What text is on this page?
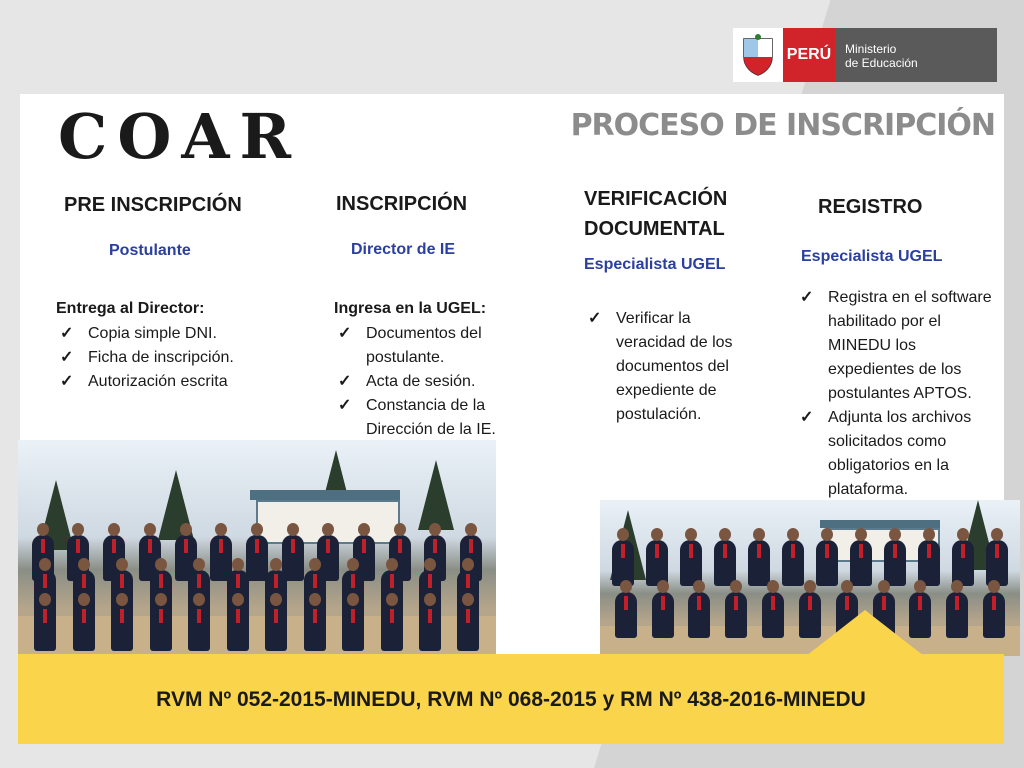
PERÚ	Ministerio
de Educación
COAR	PROCESO DE INSCRIPCIÓN
PRE INSCRIPCIÓN
Postulante
Entrega al Director:
✓ Copia simple DNI.
✓ Ficha de inscripción.
✓ Autorización escrita
INSCRIPCIÓN
Director de IE
Ingresa en la UGEL:
✓ Documentos del postulante.
✓ Acta de sesión.
✓ Constancia de la Dirección de la IE.
VERIFICACIÓN
DOCUMENTAL
Especialista UGEL
✓ Verificar la veracidad de los documentos del expediente de postulación.
REGISTRO
Especialista UGEL
✓ Registra en el software habilitado por el MINEDU los expedientes de los postulantes APTOS.
✓ Adjunta los archivos solicitados como obligatorios en la plataforma.
RVM Nº 052-2015-MINEDU, RVM Nº 068-2015 y RM Nº 438-2016-MINEDU
